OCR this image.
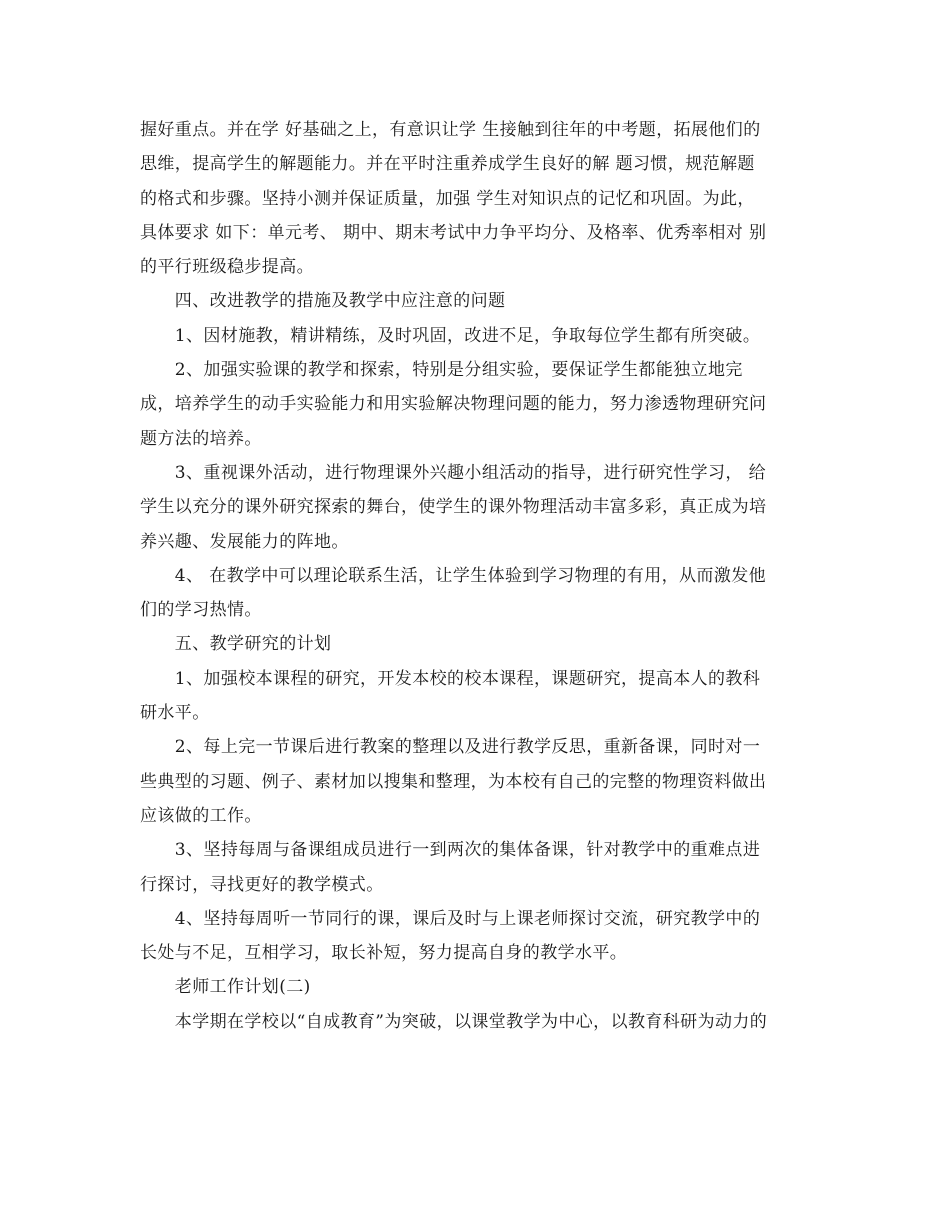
握好重点。并在学 好基础之上，有意识让学 生接触到往年的中考题，拓展他们的
思维，提高学生的解题能力。并在平时注重养成学生良好的解 题习惯，规范解题
的格式和步骤。坚持小测并保证质量，加强 学生对知识点的记忆和巩固。为此，
具体要求 如下：单元考、 期中、期末考试中力争平均分、及格率、优秀率相对 别
的平行班级稳步提高。

　　四、改进教学的措施及教学中应注意的问题

　　1、因材施教，精讲精练，及时巩固，改进不足，争取每位学生都有所突破。

　　2、加强实验课的教学和探索，特别是分组实验，要保证学生都能独立地完
成，培养学生的动手实验能力和用实验解决物理问题的能力，努力渗透物理研究问
题方法的培养。

　　3、重视课外活动，进行物理课外兴趣小组活动的指导，进行研究性学习， 给
学生以充分的课外研究探索的舞台，使学生的课外物理活动丰富多彩，真正成为培
养兴趣、发展能力的阵地。

　　4、 在教学中可以理论联系生活，让学生体验到学习物理的有用，从而激发他
们的学习热情。

　　五、教学研究的计划

　　1、加强校本课程的研究，开发本校的校本课程，课题研究，提高本人的教科
研水平。

　　2、每上完一节课后进行教案的整理以及进行教学反思，重新备课，同时对一
些典型的习题、例子、素材加以搜集和整理，为本校有自己的完整的物理资料做出
应该做的工作。

　　3、坚持每周与备课组成员进行一到两次的集体备课，针对教学中的重难点进
行探讨，寻找更好的教学模式。

　　4、坚持每周听一节同行的课，课后及时与上课老师探讨交流，研究教学中的
长处与不足，互相学习，取长补短，努力提高自身的教学水平。

　　老师工作计划(二)

　　本学期在学校以“自成教育”为突破，以课堂教学为中心，以教育科研为动力的
